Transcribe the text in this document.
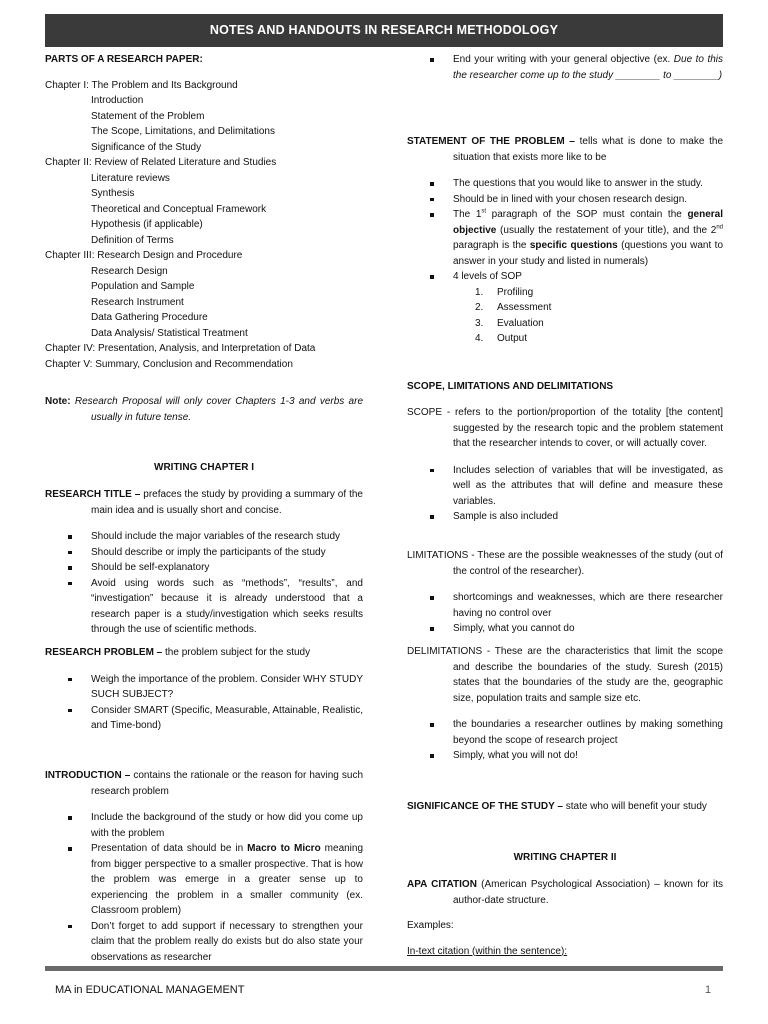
NOTES AND HANDOUTS IN RESEARCH METHODOLOGY
PARTS OF A RESEARCH PAPER:
Chapter I: The Problem and Its Background
Introduction
Statement of the Problem
The Scope, Limitations, and Delimitations
Significance of the Study
Chapter II: Review of Related Literature and Studies
Literature reviews
Synthesis
Theoretical and Conceptual Framework
Hypothesis (if applicable)
Definition of Terms
Chapter III: Research Design and Procedure
Research Design
Population and Sample
Research Instrument
Data Gathering Procedure
Data Analysis/ Statistical Treatment
Chapter IV: Presentation, Analysis, and Interpretation of Data
Chapter V: Summary, Conclusion and Recommendation
Note: Research Proposal will only cover Chapters 1-3 and verbs are usually in future tense.
WRITING CHAPTER I
RESEARCH TITLE – prefaces the study by providing a summary of the main idea and is usually short and concise.
Should include the major variables of the research study
Should describe or imply the participants of the study
Should be self-explanatory
Avoid using words such as “methods”, “results”, and “investigation” because it is already understood that a research paper is a study/investigation which seeks results through the use of scientific methods.
RESEARCH PROBLEM – the problem subject for the study
Weigh the importance of the problem. Consider WHY STUDY SUCH SUBJECT?
Consider SMART (Specific, Measurable, Attainable, Realistic, and Time-bond)
INTRODUCTION – contains the rationale or the reason for having such research problem
Include the background of the study or how did you come up with the problem
Presentation of data should be in Macro to Micro meaning from bigger perspective to a smaller prospective. That is how the problem was emerge in a greater sense up to experiencing the problem in a smaller community (ex. Classroom problem)
Don’t forget to add support if necessary to strengthen your claim that the problem really do exists but do also state your observations as researcher
End your writing with your general objective (ex. Due to this the researcher come up to the study ________ to ________)
STATEMENT OF THE PROBLEM – tells what is done to make the situation that exists more like to be
The questions that you would like to answer in the study.
Should be in lined with your chosen research design.
The 1st paragraph of the SOP must contain the general objective (usually the restatement of your title), and the 2nd paragraph is the specific questions (questions you want to answer in your study and listed in numerals)
4 levels of SOP
1. Profiling
2. Assessment
3. Evaluation
4. Output
SCOPE, LIMITATIONS AND DELIMITATIONS
SCOPE - refers to the portion/proportion of the totality [the content] suggested by the research topic and the problem statement that the researcher intends to cover, or will actually cover.
Includes selection of variables that will be investigated, as well as the attributes that will define and measure these variables.
Sample is also included
LIMITATIONS - These are the possible weaknesses of the study (out of the control of the researcher).
shortcomings and weaknesses, which are there researcher having no control over
Simply, what you cannot do
DELIMITATIONS - These are the characteristics that limit the scope and describe the boundaries of the study. Suresh (2015) states that the boundaries of the study are the, geographic size, population traits and sample size etc.
the boundaries a researcher outlines by making something beyond the scope of research project
Simply, what you will not do!
SIGNIFICANCE OF THE STUDY – state who will benefit your study
WRITING CHAPTER II
APA CITATION (American Psychological Association) – known for its author-date structure.
Examples:
In-text citation (within the sentence):
MA in EDUCATIONAL MANAGEMENT	1
